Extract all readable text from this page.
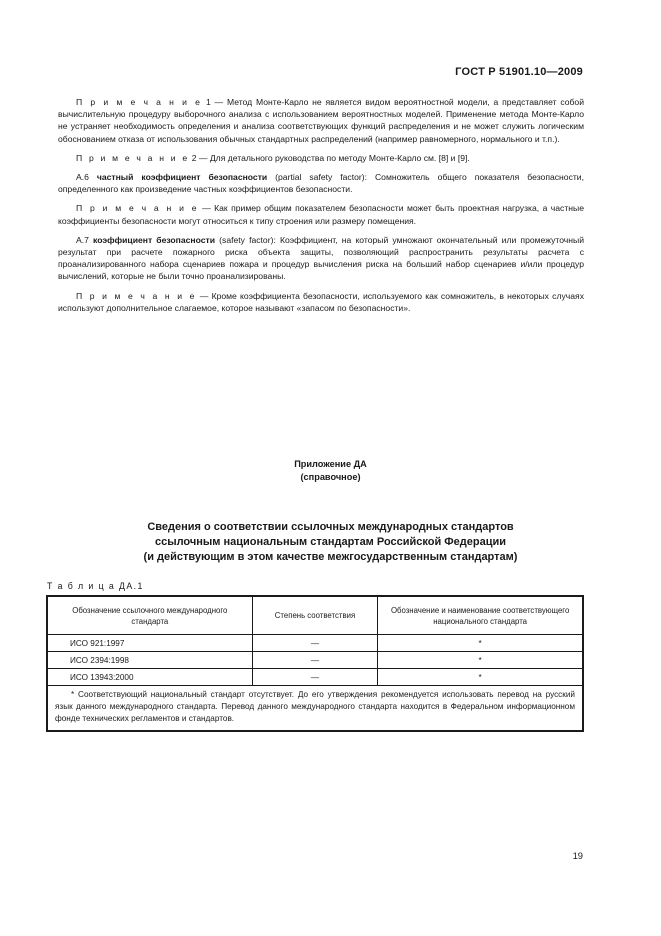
ГОСТ Р 51901.10—2009

П р и м е ч а н и е 1 — Метод Монте-Карло не является видом вероятностной модели, а представляет собой вычислительную процедуру выборочного анализа с использованием вероятностных моделей. Применение метода Монте-Карло не устраняет необходимость определения и анализа соответствующих функций распределения и не может служить логическим обоснованием отказа от использования обычных стандартных распределений (например равномерного, нормального и т.п.).

П р и м е ч а н и е 2 — Для детального руководства по методу Монте-Карло см. [8] и [9].

А.6 частный коэффициент безопасности (partial safety factor): Сомножитель общего показателя безопасности, определенного как произведение частных коэффициентов безопасности.

П р и м е ч а н и е — Как пример общим показателем безопасности может быть проектная нагрузка, а частные коэффициенты безопасности могут относиться к типу строения или размеру помещения.

А.7 коэффициент безопасности (safety factor): Коэффициент, на который умножают окончательный или промежуточный результат при расчете пожарного риска объекта защиты, позволяющий распространить результаты расчета с проанализированного набора сценариев пожара и процедур вычисления риска на больший набор сценариев и/или процедур вычислений, которые не были точно проанализированы.

П р и м е ч а н и е — Кроме коэффициента безопасности, используемого как сомножитель, в некоторых случаях используют дополнительное слагаемое, которое называют «запасом по безопасности».

Приложение ДА
(справочное)
Сведения о соответствии ссылочных международных стандартов
ссылочным национальным стандартам Российской Федерации
(и действующим в этом качестве межгосударственным стандартам)
Т а б л и ц а ДА.1
Обозначение ссылочного международного стандарта	Степень соответствия	Обозначение и наименование соответствующего национального стандарта
ИСО 921:1997	—	*
ИСО 2394:1998	—	*
ИСО 13943:2000	—	*
* Соответствующий национальный стандарт отсутствует. До его утверждения рекомендуется использовать перевод на русский язык данного международного стандарта. Перевод данного международного стандарта находится в Федеральном информационном фонде технических регламентов и стандартов.		
19
